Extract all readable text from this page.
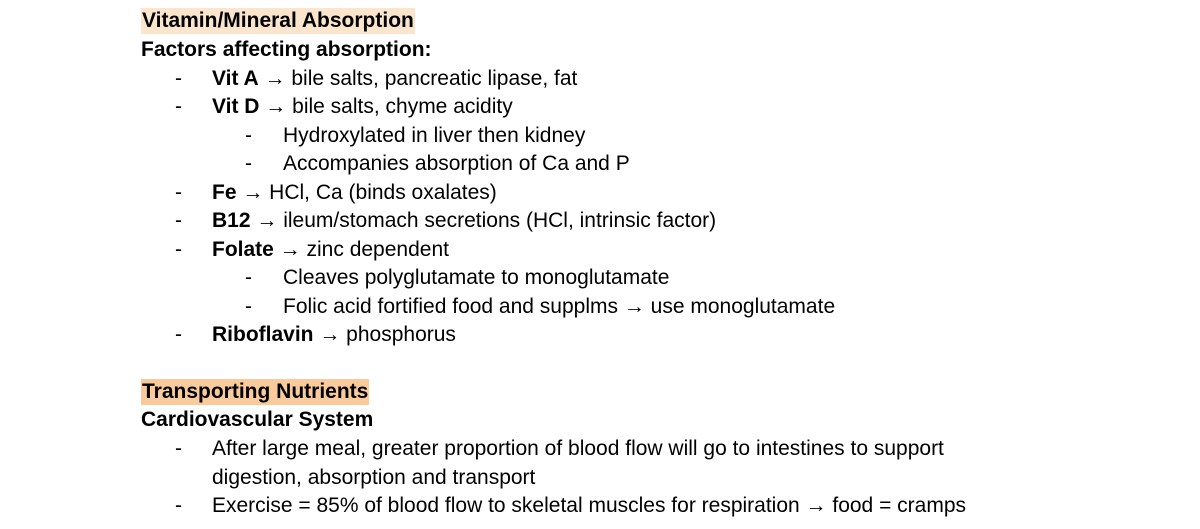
Vitamin/Mineral Absorption
Factors affecting absorption:
- Vit A → bile salts, pancreatic lipase, fat
- Vit D → bile salts, chyme acidity
- Hydroxylated in liver then kidney
- Accompanies absorption of Ca and P
- Fe → HCl, Ca (binds oxalates)
- B12 → ileum/stomach secretions (HCl, intrinsic factor)
- Folate → zinc dependent
- Cleaves polyglutamate to monoglutamate
- Folic acid fortified food and supplms → use monoglutamate
- Riboflavin → phosphorus
Transporting Nutrients
Cardiovascular System
- After large meal, greater proportion of blood flow will go to intestines to support
digestion, absorption and transport
- Exercise = 85% of blood flow to skeletal muscles for respiration → food = cramps
